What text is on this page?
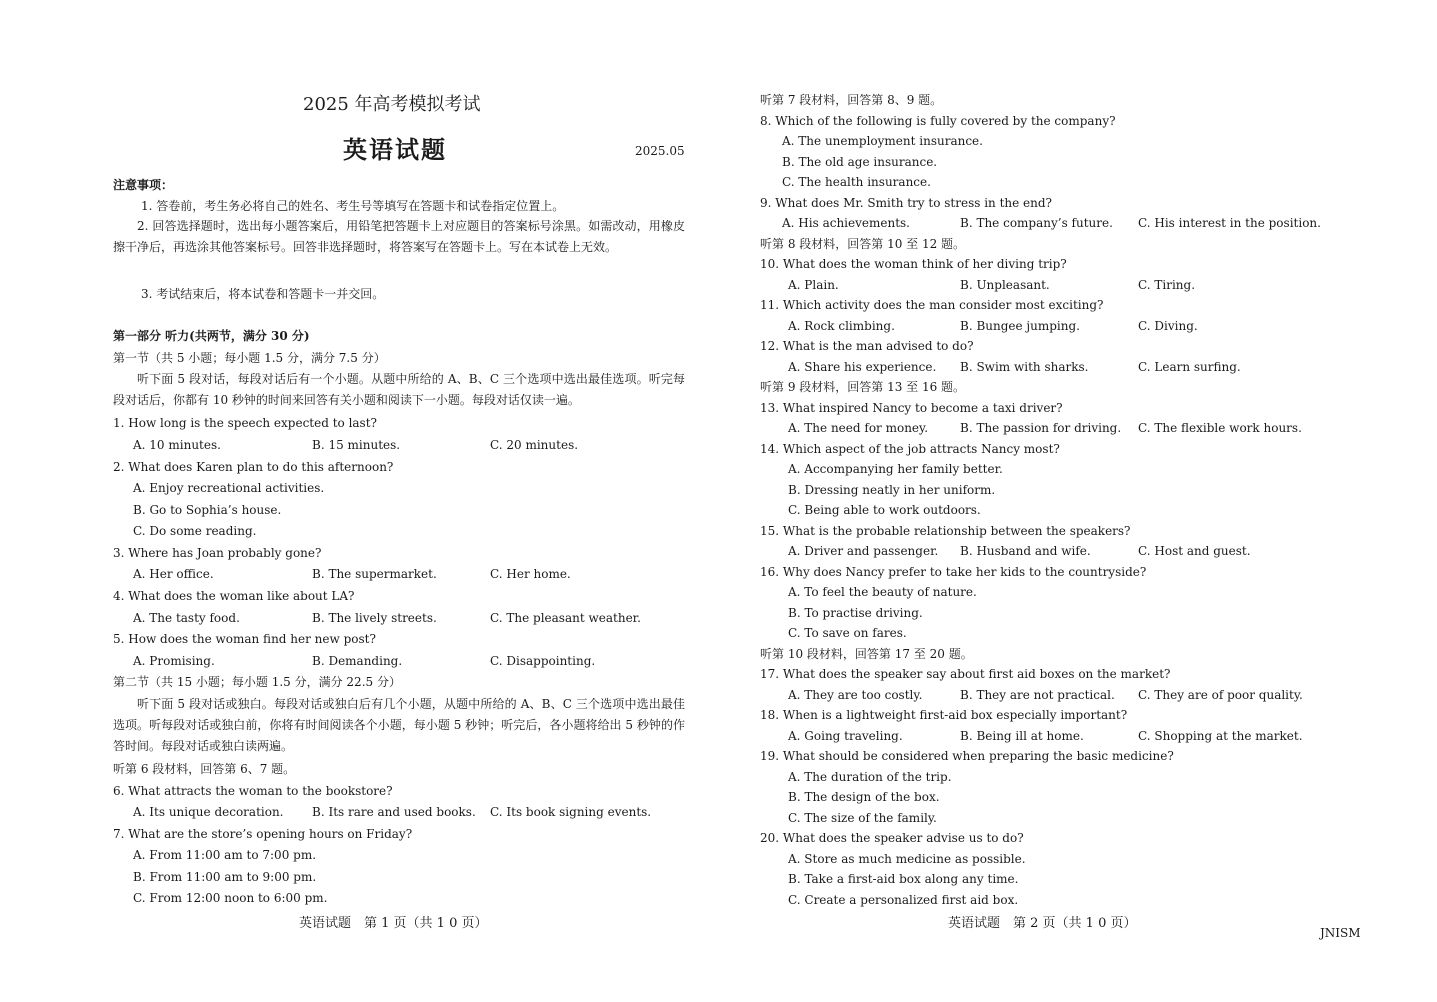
2025 年高考模拟考试
英语试题	2025.05
注意事项：
1. 答卷前，考生务必将自己的姓名、考生号等填写在答题卡和试卷指定位置上。
2. 回答选择题时，选出每小题答案后，用铅笔把答题卡上对应题目的答案标号涂黑。如需改动，用橡皮擦干净后，再选涂其他答案标号。回答非选择题时，将答案写在答题卡上。写在本试卷上无效。
3. 考试结束后，将本试卷和答题卡一并交回。
第一部分 听力(共两节，满分 30 分)
第一节（共 5 小题；每小题 1.5 分，满分 7.5 分）
听下面 5 段对话，每段对话后有一个小题。从题中所给的 A、B、C 三个选项中选出最佳选项。听完每段对话后，你都有 10 秒钟的时间来回答有关小题和阅读下一小题。每段对话仅读一遍。
1. How long is the speech expected to last?
A. 10 minutes.	B. 15 minutes.	C. 20 minutes.
2. What does Karen plan to do this afternoon?
A. Enjoy recreational activities.
B. Go to Sophia’s house.
C. Do some reading.
3. Where has Joan probably gone?
A. Her office.	B. The supermarket.	C. Her home.
4. What does the woman like about LA?
A. The tasty food.	B. The lively streets.	C. The pleasant weather.
5. How does the woman find her new post?
A. Promising.	B. Demanding.	C. Disappointing.
第二节（共 15 小题；每小题 1.5 分，满分 22.5 分）
听下面 5 段对话或独白。每段对话或独白后有几个小题，从题中所给的 A、B、C 三个选项中选出最佳选项。听每段对话或独白前，你将有时间阅读各个小题，每小题 5 秒钟；听完后，各小题将给出 5 秒钟的作答时间。每段对话或独白读两遍。
听第 6 段材料，回答第 6、7 题。
6. What attracts the woman to the bookstore?
A. Its unique decoration. B. Its rare and used books. C. Its book signing events.
7. What are the store’s opening hours on Friday?
A. From 11:00 am to 7:00 pm.
B. From 11:00 am to 9:00 pm.
C. From 12:00 noon to 6:00 pm.
英语试题　第 1 页（共 1 0 页）
听第 7 段材料，回答第 8、9 题。
8. Which of the following is fully covered by the company?
A. The unemployment insurance.
B. The old age insurance.
C. The health insurance.
9. What does Mr. Smith try to stress in the end?
A. His achievements.	B. The company’s future. C. His interest in the position.
听第 8 段材料，回答第 10 至 12 题。
10. What does the woman think of her diving trip?
A. Plain.	B. Unpleasant.	C. Tiring.
11. Which activity does the man consider most exciting?
A. Rock climbing.	B. Bungee jumping.	C. Diving.
12. What is the man advised to do?
A. Share his experience. B. Swim with sharks.	C. Learn surfing.
听第 9 段材料，回答第 13 至 16 题。
13. What inspired Nancy to become a taxi driver?
A. The need for money.	B. The passion for driving. C. The flexible work hours.
14. Which aspect of the job attracts Nancy most?
A. Accompanying her family better.
B. Dressing neatly in her uniform.
C. Being able to work outdoors.
15. What is the probable relationship between the speakers?
A. Driver and passenger. B. Husband and wife.	C. Host and guest.
16. Why does Nancy prefer to take her kids to the countryside?
A. To feel the beauty of nature.
B. To practise driving.
C. To save on fares.
听第 10 段材料，回答第 17 至 20 题。
17. What does the speaker say about first aid boxes on the market?
A. They are too costly.	B. They are not practical. C. They are of poor quality.
18. When is a lightweight first-aid box especially important?
A. Going traveling.	B. Being ill at home.	C. Shopping at the market.
19. What should be considered when preparing the basic medicine?
A. The duration of the trip.
B. The design of the box.
C. The size of the family.
20. What does the speaker advise us to do?
A. Store as much medicine as possible.
B. Take a first-aid box along any time.
C. Create a personalized first aid box.
英语试题　第 2 页（共 1 0 页）
JNISM
